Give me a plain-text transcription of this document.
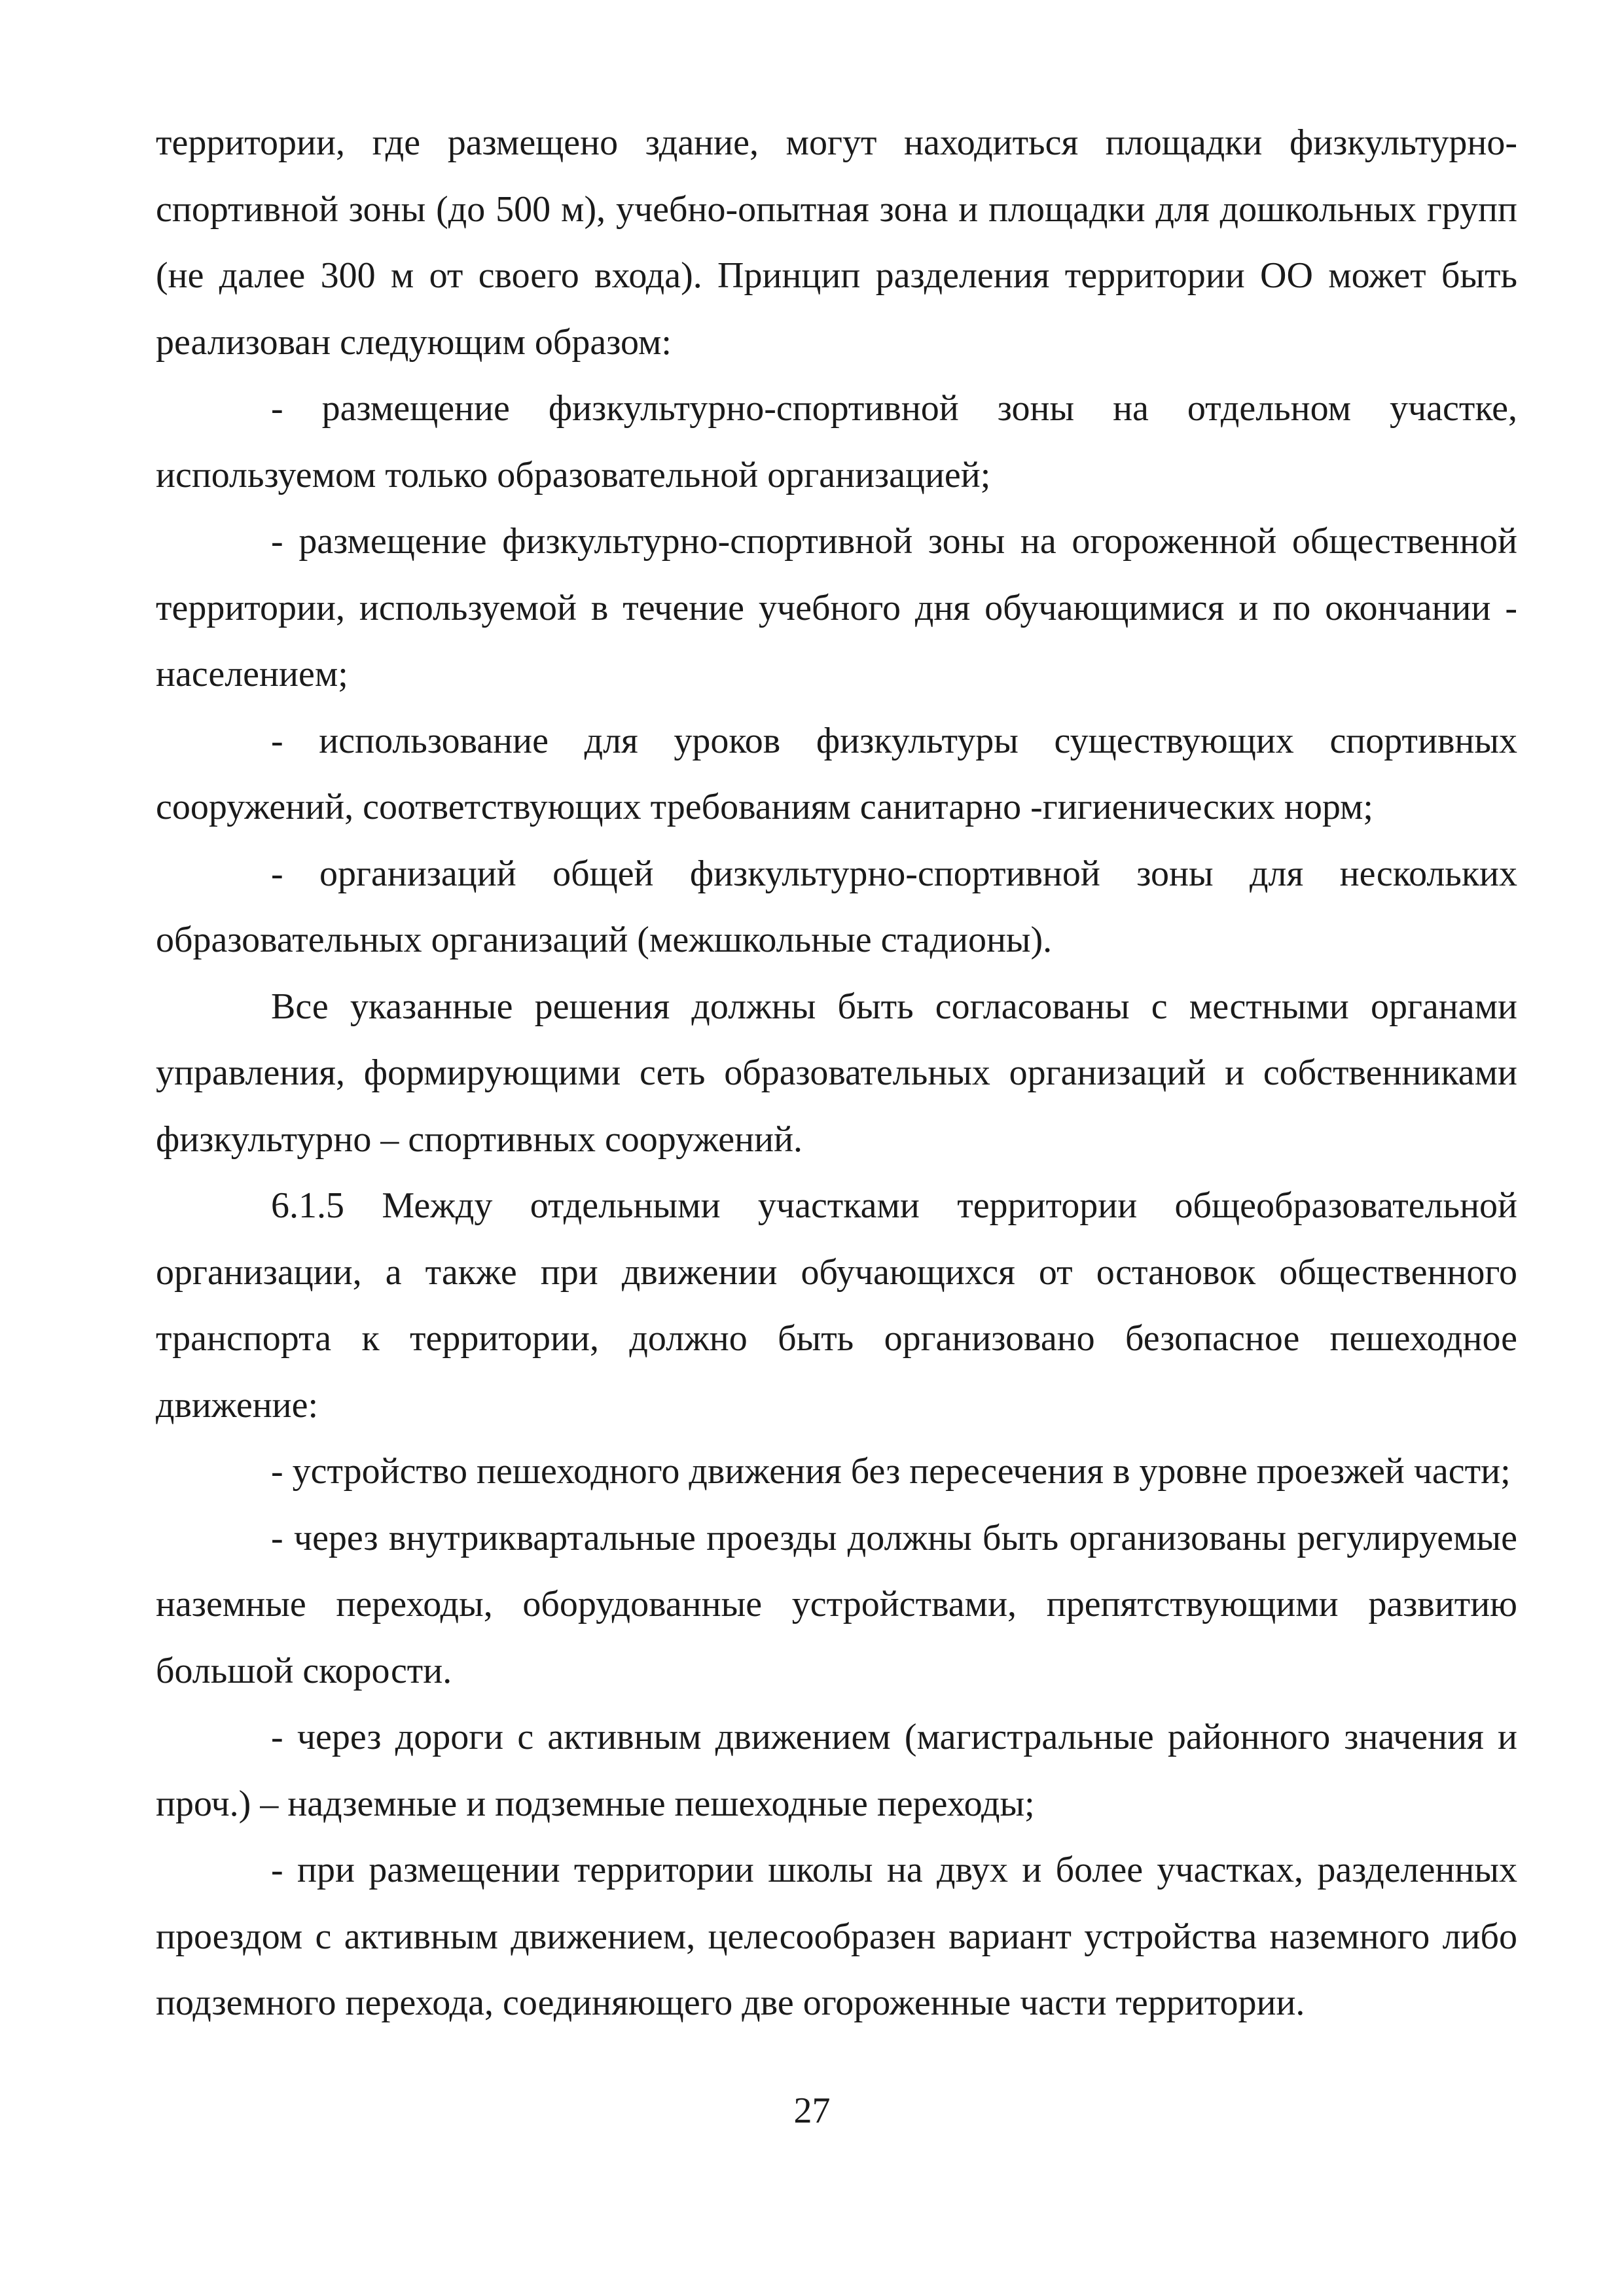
территории, где размещено здание, могут находиться площадки физкультурно-спортивной зоны (до 500 м), учебно-опытная зона и площадки для дошкольных групп (не далее 300 м от своего входа). Принцип разделения территории ОО может быть реализован следующим образом:

- размещение физкультурно-спортивной зоны на отдельном участке, используемом только образовательной организацией;

- размещение физкультурно-спортивной зоны на огороженной общественной территории, используемой в течение учебного дня обучающимися и по окончании - населением;

- использование для уроков физкультуры существующих спортивных сооружений, соответствующих требованиям санитарно -гигиенических норм;

- организаций общей физкультурно-спортивной зоны для нескольких образовательных организаций (межшкольные стадионы).

Все указанные решения должны быть согласованы с местными органами управления, формирующими сеть образовательных организаций и собственниками физкультурно – спортивных сооружений.

6.1.5 Между отдельными участками территории общеобразовательной организации, а также при движении обучающихся от остановок общественного транспорта к территории, должно быть организовано безопасное пешеходное движение:

- устройство пешеходного движения без пересечения в уровне проезжей части;

- через внутриквартальные проезды должны быть организованы регулируемые наземные переходы, оборудованные устройствами, препятствующими развитию большой скорости.

- через дороги с активным движением (магистральные районного значения и проч.) – надземные и подземные пешеходные переходы;

- при размещении территории школы на двух и более участках, разделенных проездом с активным движением, целесообразен вариант устройства наземного либо подземного перехода, соединяющего две огороженные части территории.

27
